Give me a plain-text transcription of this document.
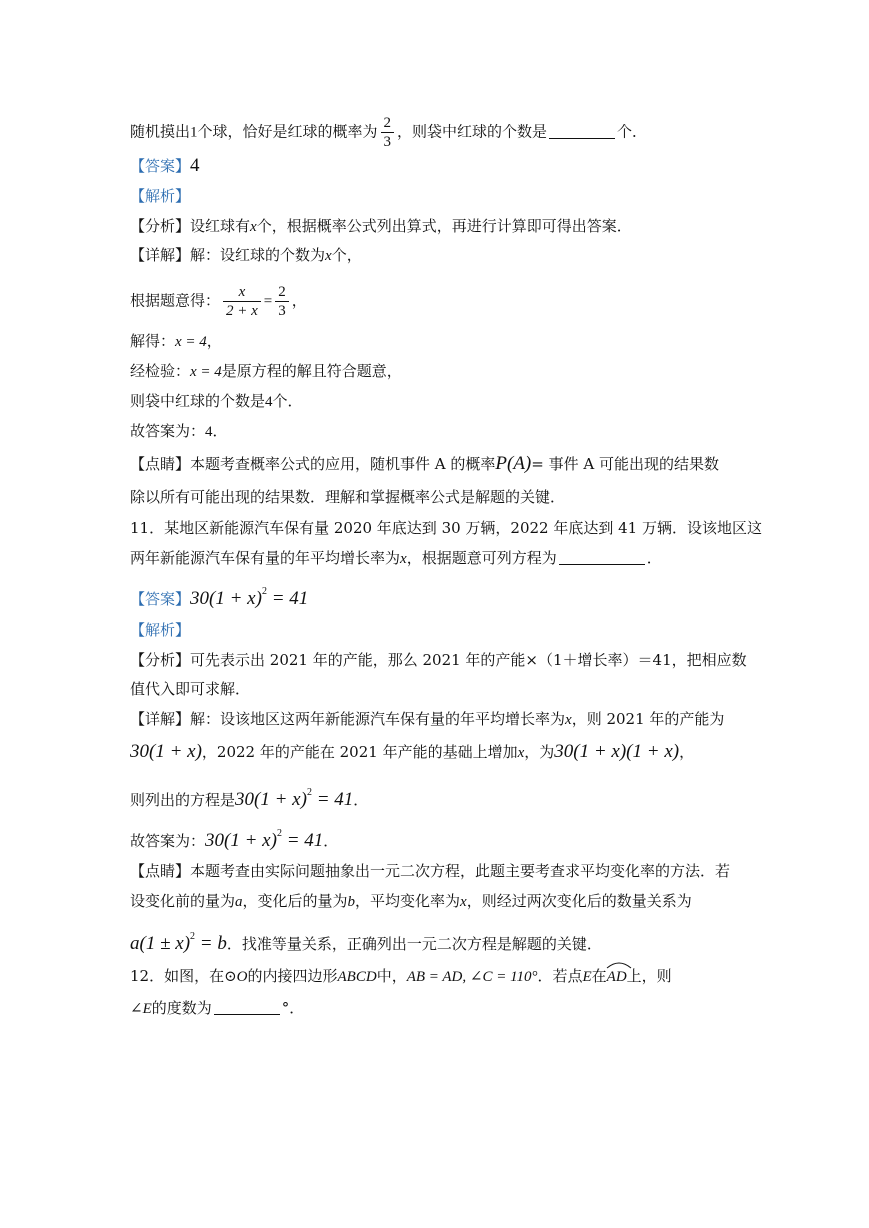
随机摸出1个球，恰好是红球的概率为 $\frac{2}{3}$ ，则袋中红球的个数是	个．
【答案】4
【解析】
【分析】设红球有x个，根据概率公式列出算式，再进行计算即可得出答案．
【详解】解：设红球的个数为x个，
根据题意得： $\frac{x}{2 + x} = \frac{2}{3}$ ，
解得：x = 4，
经检验：x = 4是原方程的解且符合题意，
则袋中红球的个数是4个．
故答案为：4．
【点睛】本题考查概率公式的应用，随机事件 A 的概率P(A)= 事件 A 可能出现的结果数
除以所有可能出现的结果数．理解和掌握概率公式是解题的关键．
11．某地区新能源汽车保有量 2020 年底达到 30 万辆，2022 年底达到 41 万辆．设该地区这
两年新能源汽车保有量的年平均增长率为x，根据题意可列方程为	．
【答案】$30(1 + x)^2 = 41$
【解析】
【分析】可先表示出 2021 年的产能，那么 2021 年的产能×（1＋增长率）＝41，把相应数
值代入即可求解．
【详解】解：设该地区这两年新能源汽车保有量的年平均增长率为x，则 2021 年的产能为
30(1 + x)，2022 年的产能在 2021 年产能的基础上增加x，为30(1 + x)(1 + x)，
则列出的方程是$30(1 + x)^2 = 41$．
故答案为：$30(1 + x)^2 = 41$．
【点睛】本题考查由实际问题抽象出一元二次方程，此题主要考查求平均变化率的方法．若
设变化前的量为a，变化后的量为b，平均变化率为x，则经过两次变化后的数量关系为
$a(1 \pm x)^2 = b$．找准等量关系，正确列出一元二次方程是解题的关键．
12．如图，在⊙O的内接四边形ABCD中，AB = AD, ∠C = 110°．若点E在
AD上，则
∠E的度数为	°．
